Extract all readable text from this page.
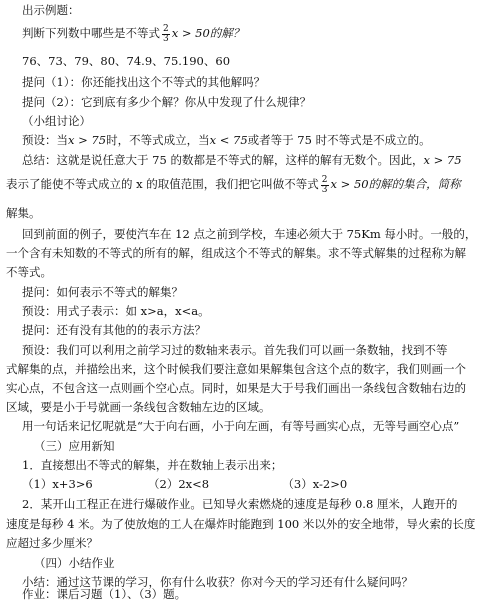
出示例题：
判断下列数中哪些是不等式 $\frac{2}{3}$ x > 50的解？
76、73、79、80、74.9、75.190、60
提问（1）：你还能找出这个不等式的其他解吗？
提问（2）：它到底有多少个解？你从中发现了什么规律？
（小组讨论）
预设：当x > 75时，不等式成立，当x < 75或者等于 75 时不等式是不成立的。
总结：这就是说任意大于 75 的数都是不等式的解，这样的解有无数个。因此，x > 75
表示了能使不等式成立的 x 的取值范围，我们把它叫做不等式 $\frac{2}{3}$ x > 50的解的集合，简称
解集。
回到前面的例子，要使汽车在 12 点之前到学校，车速必须大于 75Km 每小时。一般的，
一个含有未知数的不等式的所有的解，组成这个不等式的解集。求不等式解集的过程称为解
不等式。
提问：如何表示不等式的解集？
预设：用式子表示：如 x>a，x<a。
提问：还有没有其他的的表示方法？
预设：我们可以利用之前学习过的数轴来表示。首先我们可以画一条数轴，找到不等
式解集的点，并描绘出来，这个时候我们要注意如果解集包含这个点的数字，我们则画一个
实心点，不包含这一点则画个空心点。同时，如果是大于号我们画出一条线包含数轴右边的
区域，要是小于号就画一条线包含数轴左边的区域。
用一句话来记忆呢就是“大于向右画，小于向左画，有等号画实心点，无等号画空心点”
（三）应用新知
1．直接想出不等式的解集，并在数轴上表示出来；
（1）x+3>6	（2）2x<8	（3）x-2>0
2．某开山工程正在进行爆破作业。已知导火索燃烧的速度是每秒 0.8 厘米，人跑开的
速度是每秒 4 米。为了使放炮的工人在爆炸时能跑到 100 米以外的安全地带，导火索的长度
应超过多少厘米？
（四）小结作业
小结：通过这节课的学习，你有什么收获？你对今天的学习还有什么疑问吗？
作业：课后习题（1）、（3）题。
